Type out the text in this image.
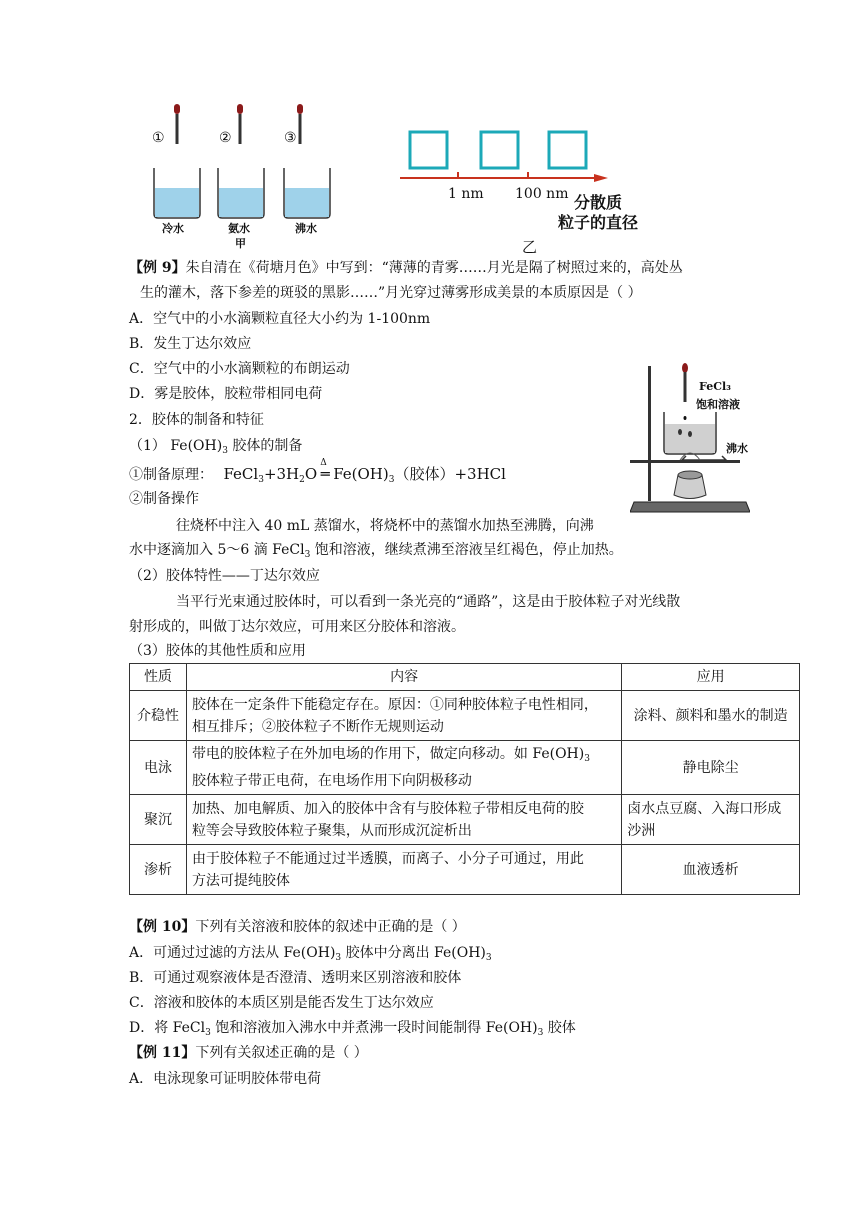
①	②	③
冷水	氨水	沸水
甲
1 nm 100 nm 分散质
粒子的直径
乙
【例 9】朱自清在《荷塘月色》中写到：“薄薄的青雾……月光是隔了树照过来的，高处丛
生的灌木，落下参差的斑驳的黑影……”月光穿过薄雾形成美景的本质原因是（ ）
A．空气中的小水滴颗粒直径大小约为 1-100nm
B．发生丁达尔效应
C．空气中的小水滴颗粒的布朗运动
D．雾是胶体，胶粒带相同电荷	FeCl₃
饱和溶液
沸水
2．胶体的制备和特征
（1） $Fe(OH)_3$ 胶体的制备
①制备原理： $FeCl_3+3H_2O$
Δ
═ $Fe(OH)_3$（胶体）+3HCl
②制备操作
往烧杯中注入 40 mL 蒸馏水，将烧杯中的蒸馏水加热至沸腾，向沸
水中逐滴加入 5～6 滴 FeCl$_3$ 饱和溶液，继续煮沸至溶液呈红褐色，停止加热。
（2）胶体特性——丁达尔效应
当平行光束通过胶体时，可以看到一条光亮的“通路”，这是由于胶体粒子对光线散
射形成的，叫做丁达尔效应，可用来区分胶体和溶液。
（3）胶体的其他性质和应用
性质	内容	应用
介稳性	胶体在一定条件下能稳定存在。原因：①同种胶体粒子电性相同，
相互排斥；②胶体粒子不断作无规则运动	涂料、颜料和墨水的制造
电泳	带电的胶体粒子在外加电场的作用下，做定向移动。如 $Fe(OH)_3$
胶体粒子带正电荷，在电场作用下向阴极移动	静电除尘
聚沉	加热、加电解质、加入的胶体中含有与胶体粒子带相反电荷的胶
粒等会导致胶体粒子聚集，从而形成沉淀析出	卤水点豆腐、入海口形成沙洲
渗析	由于胶体粒子不能通过过半透膜，而离子、小分子可通过，用此
方法可提纯胶体	血液透析
【例 10】下列有关溶液和胶体的叙述中正确的是（ ）
A．可通过过滤的方法从 $Fe(OH)_3$ 胶体中分离出 $Fe(OH)_3$
B．可通过观察液体是否澄清、透明来区别溶液和胶体
C．溶液和胶体的本质区别是能否发生丁达尔效应
D．将 FeCl$_3$ 饱和溶液加入沸水中并煮沸一段时间能制得 $Fe(OH)_3$ 胶体
【例 11】下列有关叙述正确的是（ ）
A．电泳现象可证明胶体带电荷
